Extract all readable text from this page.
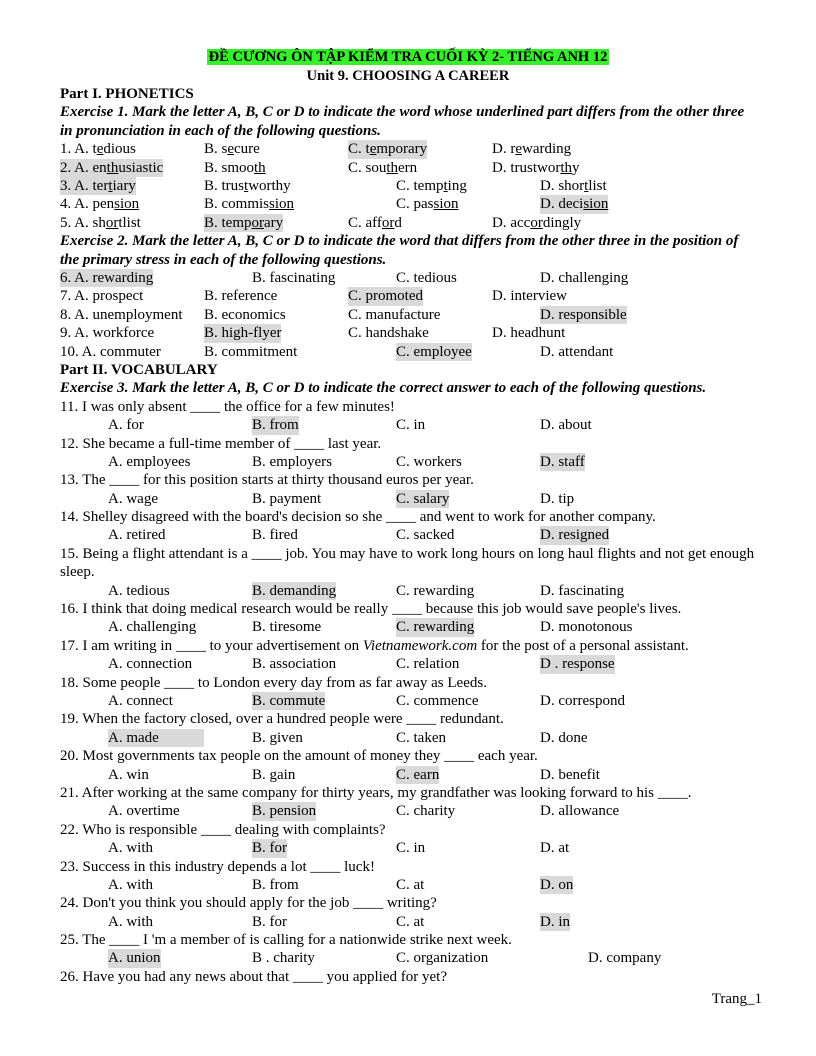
ĐỀ CƯƠNG ÔN TẬP KIỂM TRA CUỐI KỲ 2- TIẾNG ANH 12
Unit 9. CHOOSING A CAREER
Part I. PHONETICS
Exercise 1. Mark the letter A, B, C or D to indicate the word whose underlined part differs from the other three in pronunciation in each of the following questions.
1. A. tedious	B. secure	C. temporary	D. rewarding
2. A. enthusiastic	B. smooth	C. southern	D. trustworthy
3. A. tertiary	B. trustworthy	C. tempting	D. shortlist
4. A. pension	B. commission	C. passion	D. decision
5. A. shortlist	B. temporary	C. afford	D. accordingly
Exercise 2. Mark the letter A, B, C or D to indicate the word that differs from the other three in the position of the primary stress in each of the following questions.
6. A. rewarding	B. fascinating	C. tedious	D. challenging
7. A. prospect	B. reference	C. promoted	D. interview
8. A. unemployment B. economics	C. manufacture	D. responsible
9. A. workforce	B. high-flyer	C. handshake	D. headhunt
10. A. commuter	B. commitment	C. employee	D. attendant
Part II. VOCABULARY
Exercise 3. Mark the letter A, B, C or D to indicate the correct answer to each of the following questions.
11. I was only absent ____ the office for a few minutes!
A. for	B. from	C. in	D. about
12. She became a full-time member of ____ last year.
A. employees	B. employers	C. workers	D. staff
13. The ____ for this position starts at thirty thousand euros per year.
A. wage	B. payment	C. salary	D. tip
14. Shelley disagreed with the board's decision so she ____ and went to work for another company.
A. retired	B. fired	C. sacked	D. resigned
15. Being a flight attendant is a ____ job. You may have to work long hours on long haul flights and not get enough sleep.
A. tedious	B. demanding	C. rewarding	D. fascinating
16. I think that doing medical research would be really ____ because this job would save people's lives.
A. challenging	B. tiresome	C. rewarding	D. monotonous
17. I am writing in ____ to your advertisement on Vietnamework.com for the post of a personal assistant.
A. connection	B. association	C. relation	D . response
18. Some people ____ to London every day from as far away as Leeds.
A. connect	B. commute	C. commence	D. correspond
19. When the factory closed, over a hundred people were ____ redundant.
A. made	B. given	C. taken	D. done
20. Most governments tax people on the amount of money they ____ each year.
A. win	B. gain	C. earn	D. benefit
21. After working at the same company for thirty years, my grandfather was looking forward to his ____.
A. overtime	B. pension	C. charity	D. allowance
22. Who is responsible ____ dealing with complaints?
A. with	B. for	C. in	D. at
23. Success in this industry depends a lot ____ luck!
A. with	B. from	C. at	D. on
24. Don't you think you should apply for the job ____ writing?
A. with	B. for	C. at	D. in
25. The ____ I 'm a member of is calling for a nationwide strike next week.
A. union	B . charity	C. organization	D. company
26. Have you had any news about that ____ you applied for yet?
Trang_1
